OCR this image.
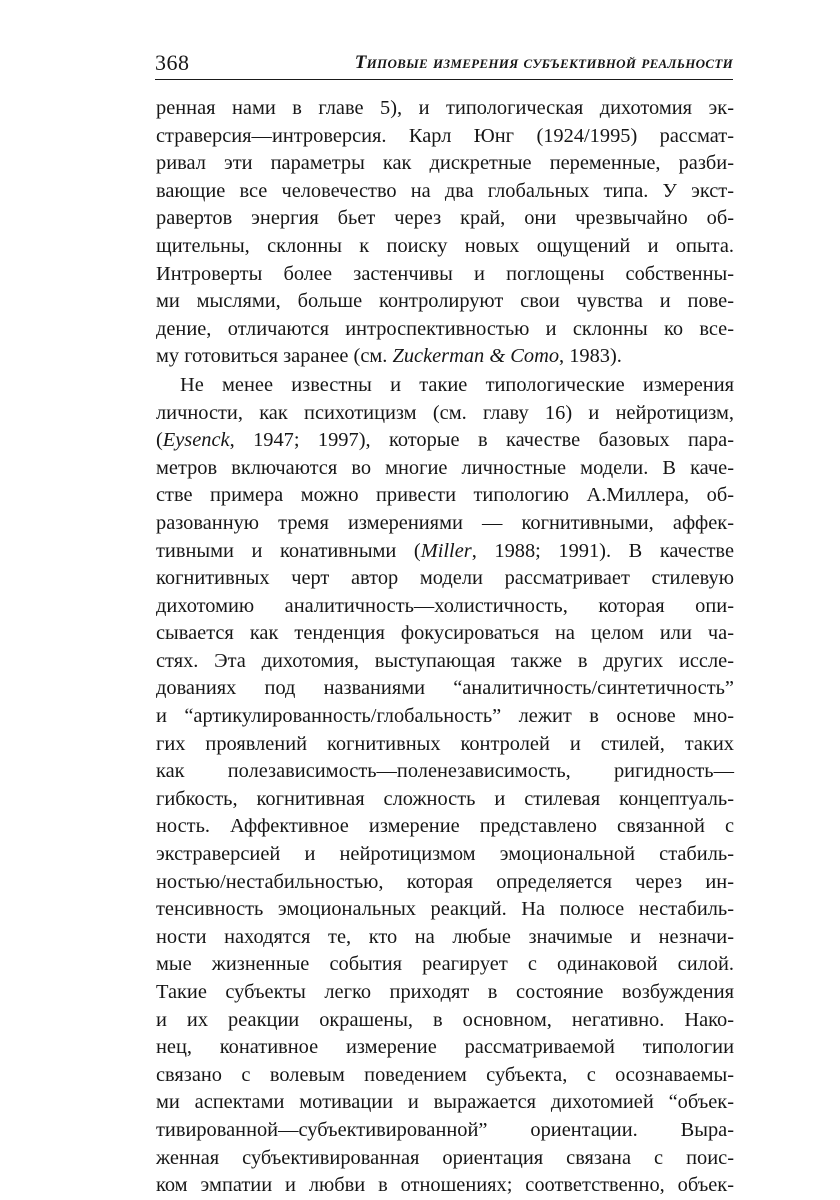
368	Типовые измерения субъективной реальности
ренная нами в главе 5), и типологическая дихотомия эк-
страверсия—интроверсия. Карл Юнг (1924/1995) рассмат-
ривал эти параметры как дискретные переменные, разби-
вающие все человечество на два глобальных типа. У экст-
равертов энергия бьет через край, они чрезвычайно об-
щительны, склонны к поиску новых ощущений и опыта.
Интроверты более застенчивы и поглощены собственны-
ми мыслями, больше контролируют свои чувства и пове-
дение, отличаются интроспективностью и склонны ко все-
му готовиться заранее (см. Zuckerman & Como, 1983).
Не менее известны и такие типологические измерения
личности, как психотицизм (см. главу 16) и нейротицизм,
(Eysenck, 1947; 1997), которые в качестве базовых пара-
метров включаются во многие личностные модели. В каче-
стве примера можно привести типологию А.Миллера, об-
разованную тремя измерениями — когнитивными, аффек-
тивными и конативными (Miller, 1988; 1991). В качестве
когнитивных черт автор модели рассматривает стилевую
дихотомию аналитичность—холистичность, которая опи-
сывается как тенденция фокусироваться на целом или ча-
стях. Эта дихотомия, выступающая также в других иссле-
дованиях под названиями “аналитичность/синтетичность”
и “артикулированность/глобальность” лежит в основе мно-
гих проявлений когнитивных контролей и стилей, таких
как полезависимость—поленезависимость, ригидность—
гибкость, когнитивная сложность и стилевая концептуаль-
ность. Аффективное измерение представлено связанной с
экстраверсией и нейротицизмом эмоциональной стабиль-
ностью/нестабильностью, которая определяется через ин-
тенсивность эмоциональных реакций. На полюсе нестабиль-
ности находятся те, кто на любые значимые и незначи-
мые жизненные события реагирует с одинаковой силой.
Такие субъекты легко приходят в состояние возбуждения
и их реакции окрашены, в основном, негативно. Нако-
нец, конативное измерение рассматриваемой типологии
связано с волевым поведением субъекта, с осознаваемы-
ми аспектами мотивации и выражается дихотомией “объек-
тивированной—субъективированной” ориентации. Выра-
женная субъективированная ориентация связана с поис-
ком эмпатии и любви в отношениях; соответственно, объек-
